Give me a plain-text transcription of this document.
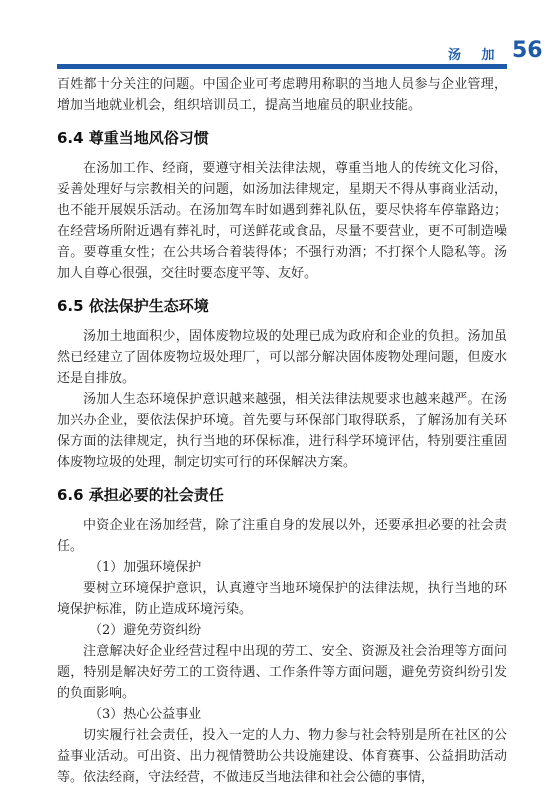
汤 加 56

百姓都十分关注的问题。中国企业可考虑聘用称职的当地人员参与企业管理，增加当地就业机会，组织培训员工，提高当地雇员的职业技能。

6.4 尊重当地风俗习惯

在汤加工作、经商，要遵守相关法律法规，尊重当地人的传统文化习俗，妥善处理好与宗教相关的问题，如汤加法律规定，星期天不得从事商业活动，也不能开展娱乐活动。在汤加驾车时如遇到葬礼队伍，要尽快将车停靠路边；在经营场所附近遇有葬礼时，可送鲜花或食品，尽量不要营业，更不可制造噪音。要尊重女性；在公共场合着装得体；不强行劝酒；不打探个人隐私等。汤加人自尊心很强，交往时要态度平等、友好。

6.5 依法保护生态环境

汤加土地面积少，固体废物垃圾的处理已成为政府和企业的负担。汤加虽然已经建立了固体废物垃圾处理厂，可以部分解决固体废物处理问题，但废水还是自排放。

汤加人生态环境保护意识越来越强，相关法律法规要求也越来越严。在汤加兴办企业，要依法保护环境。首先要与环保部门取得联系，了解汤加有关环保方面的法律规定，执行当地的环保标准，进行科学环境评估，特别要注重固体废物垃圾的处理，制定切实可行的环保解决方案。

6.6 承担必要的社会责任

中资企业在汤加经营，除了注重自身的发展以外，还要承担必要的社会责任。

（1）加强环境保护

要树立环境保护意识，认真遵守当地环境保护的法律法规，执行当地的环境保护标准，防止造成环境污染。

（2）避免劳资纠纷

注意解决好企业经营过程中出现的劳工、安全、资源及社会治理等方面问题，特别是解决好劳工的工资待遇、工作条件等方面问题，避免劳资纠纷引发的负面影响。

（3）热心公益事业

切实履行社会责任，投入一定的人力、物力参与社会特别是所在社区的公益事业活动。可出资、出力视情赞助公共设施建设、体育赛事、公益捐助活动等。依法经商，守法经营，不做违反当地法律和社会公德的事情，
